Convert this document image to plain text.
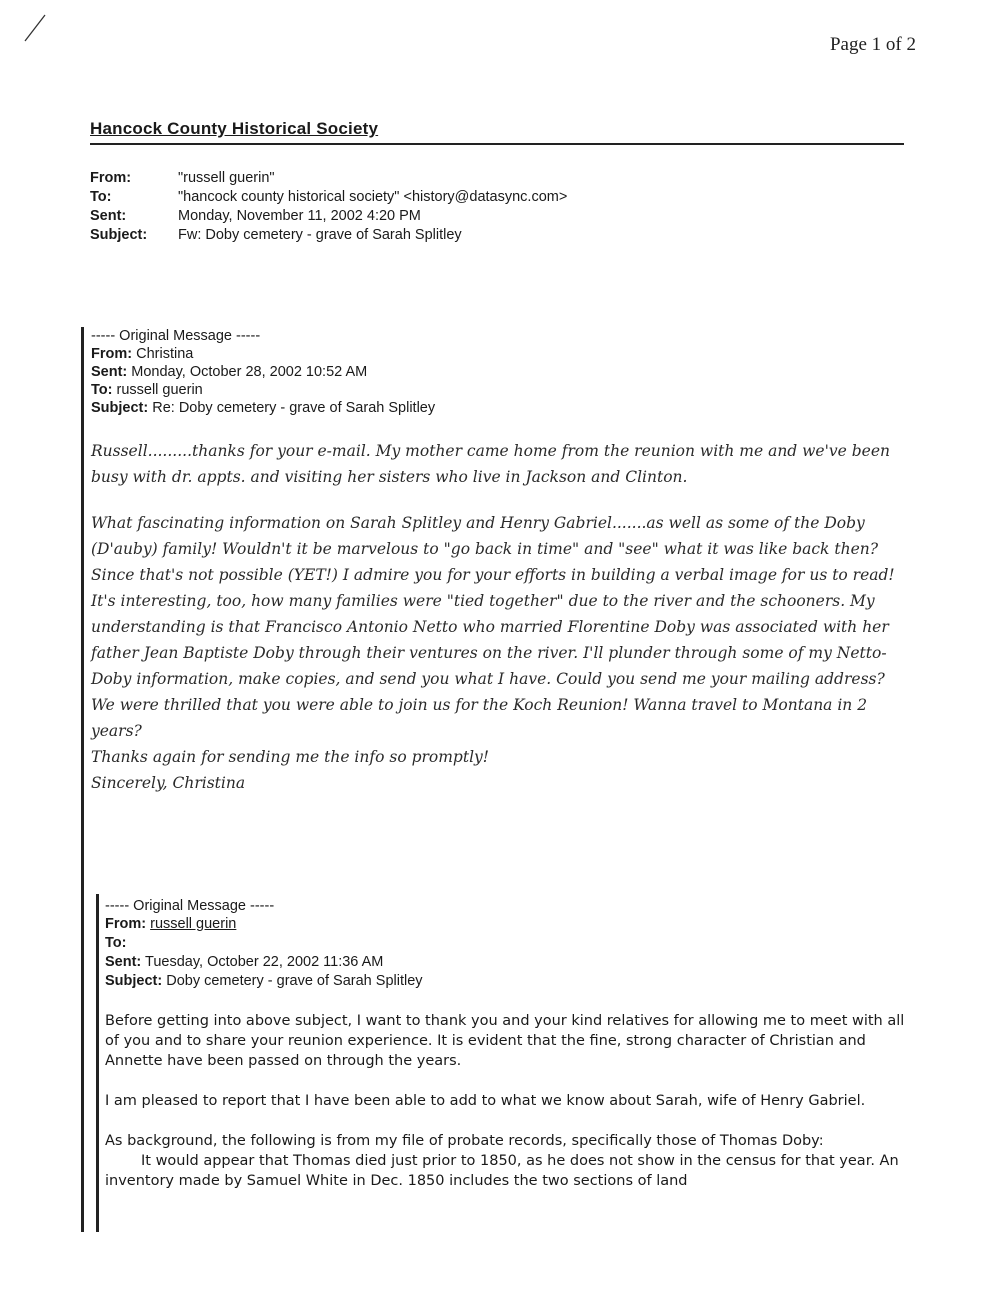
Page 1 of 2
Hancock County Historical Society
From:	"russell guerin"
To:	"hancock county historical society" <history@datasync.com>
Sent:	Monday, November 11, 2002 4:20 PM
Subject: Fw: Doby cemetery - grave of Sarah Splitley
----- Original Message -----
From: Christina
Sent: Monday, October 28, 2002 10:52 AM
To: russell guerin
Subject: Re: Doby cemetery - grave of Sarah Splitley

Russell.........thanks for your e-mail. My mother came home from the reunion with me and we've been busy with dr. appts. and visiting her sisters who live in Jackson and Clinton.

What fascinating information on Sarah Splitley and Henry Gabriel.......as well as some of the Doby (D'auby) family! Wouldn't it be marvelous to "go back in time" and "see" what it was like back then? Since that's not possible (YET!) I admire you for your efforts in building a verbal image for us to read!

It's interesting, too, how many families were "tied together" due to the river and the schooners. My understanding is that Francisco Antonio Netto who married Florentine Doby was associated with her father Jean Baptiste Doby through their ventures on the river. I'll plunder through some of my Netto-Doby information, make copies, and send you what I have. Could you send me your mailing address?

We were thrilled that you were able to join us for the Koch Reunion! Wanna travel to Montana in 2 years?

Thanks again for sending me the info so promptly!

Sincerely, Christina

----- Original Message -----
From: russell guerin
To:
Sent: Tuesday, October 22, 2002 11:36 AM
Subject: Doby cemetery - grave of Sarah Splitley

Before getting into above subject, I want to thank you and your kind relatives for allowing me to meet with all of you and to share your reunion experience. It is evident that the fine, strong character of Christian and Annette have been passed on through the years.

I am pleased to report that I have been able to add to what we know about Sarah, wife of Henry Gabriel.

As background, the following is from my file of probate records, specifically those of Thomas Doby:

It would appear that Thomas died just prior to 1850, as he does not show in the census for that year. An inventory made by Samuel White in Dec. 1850 includes the two sections of land
